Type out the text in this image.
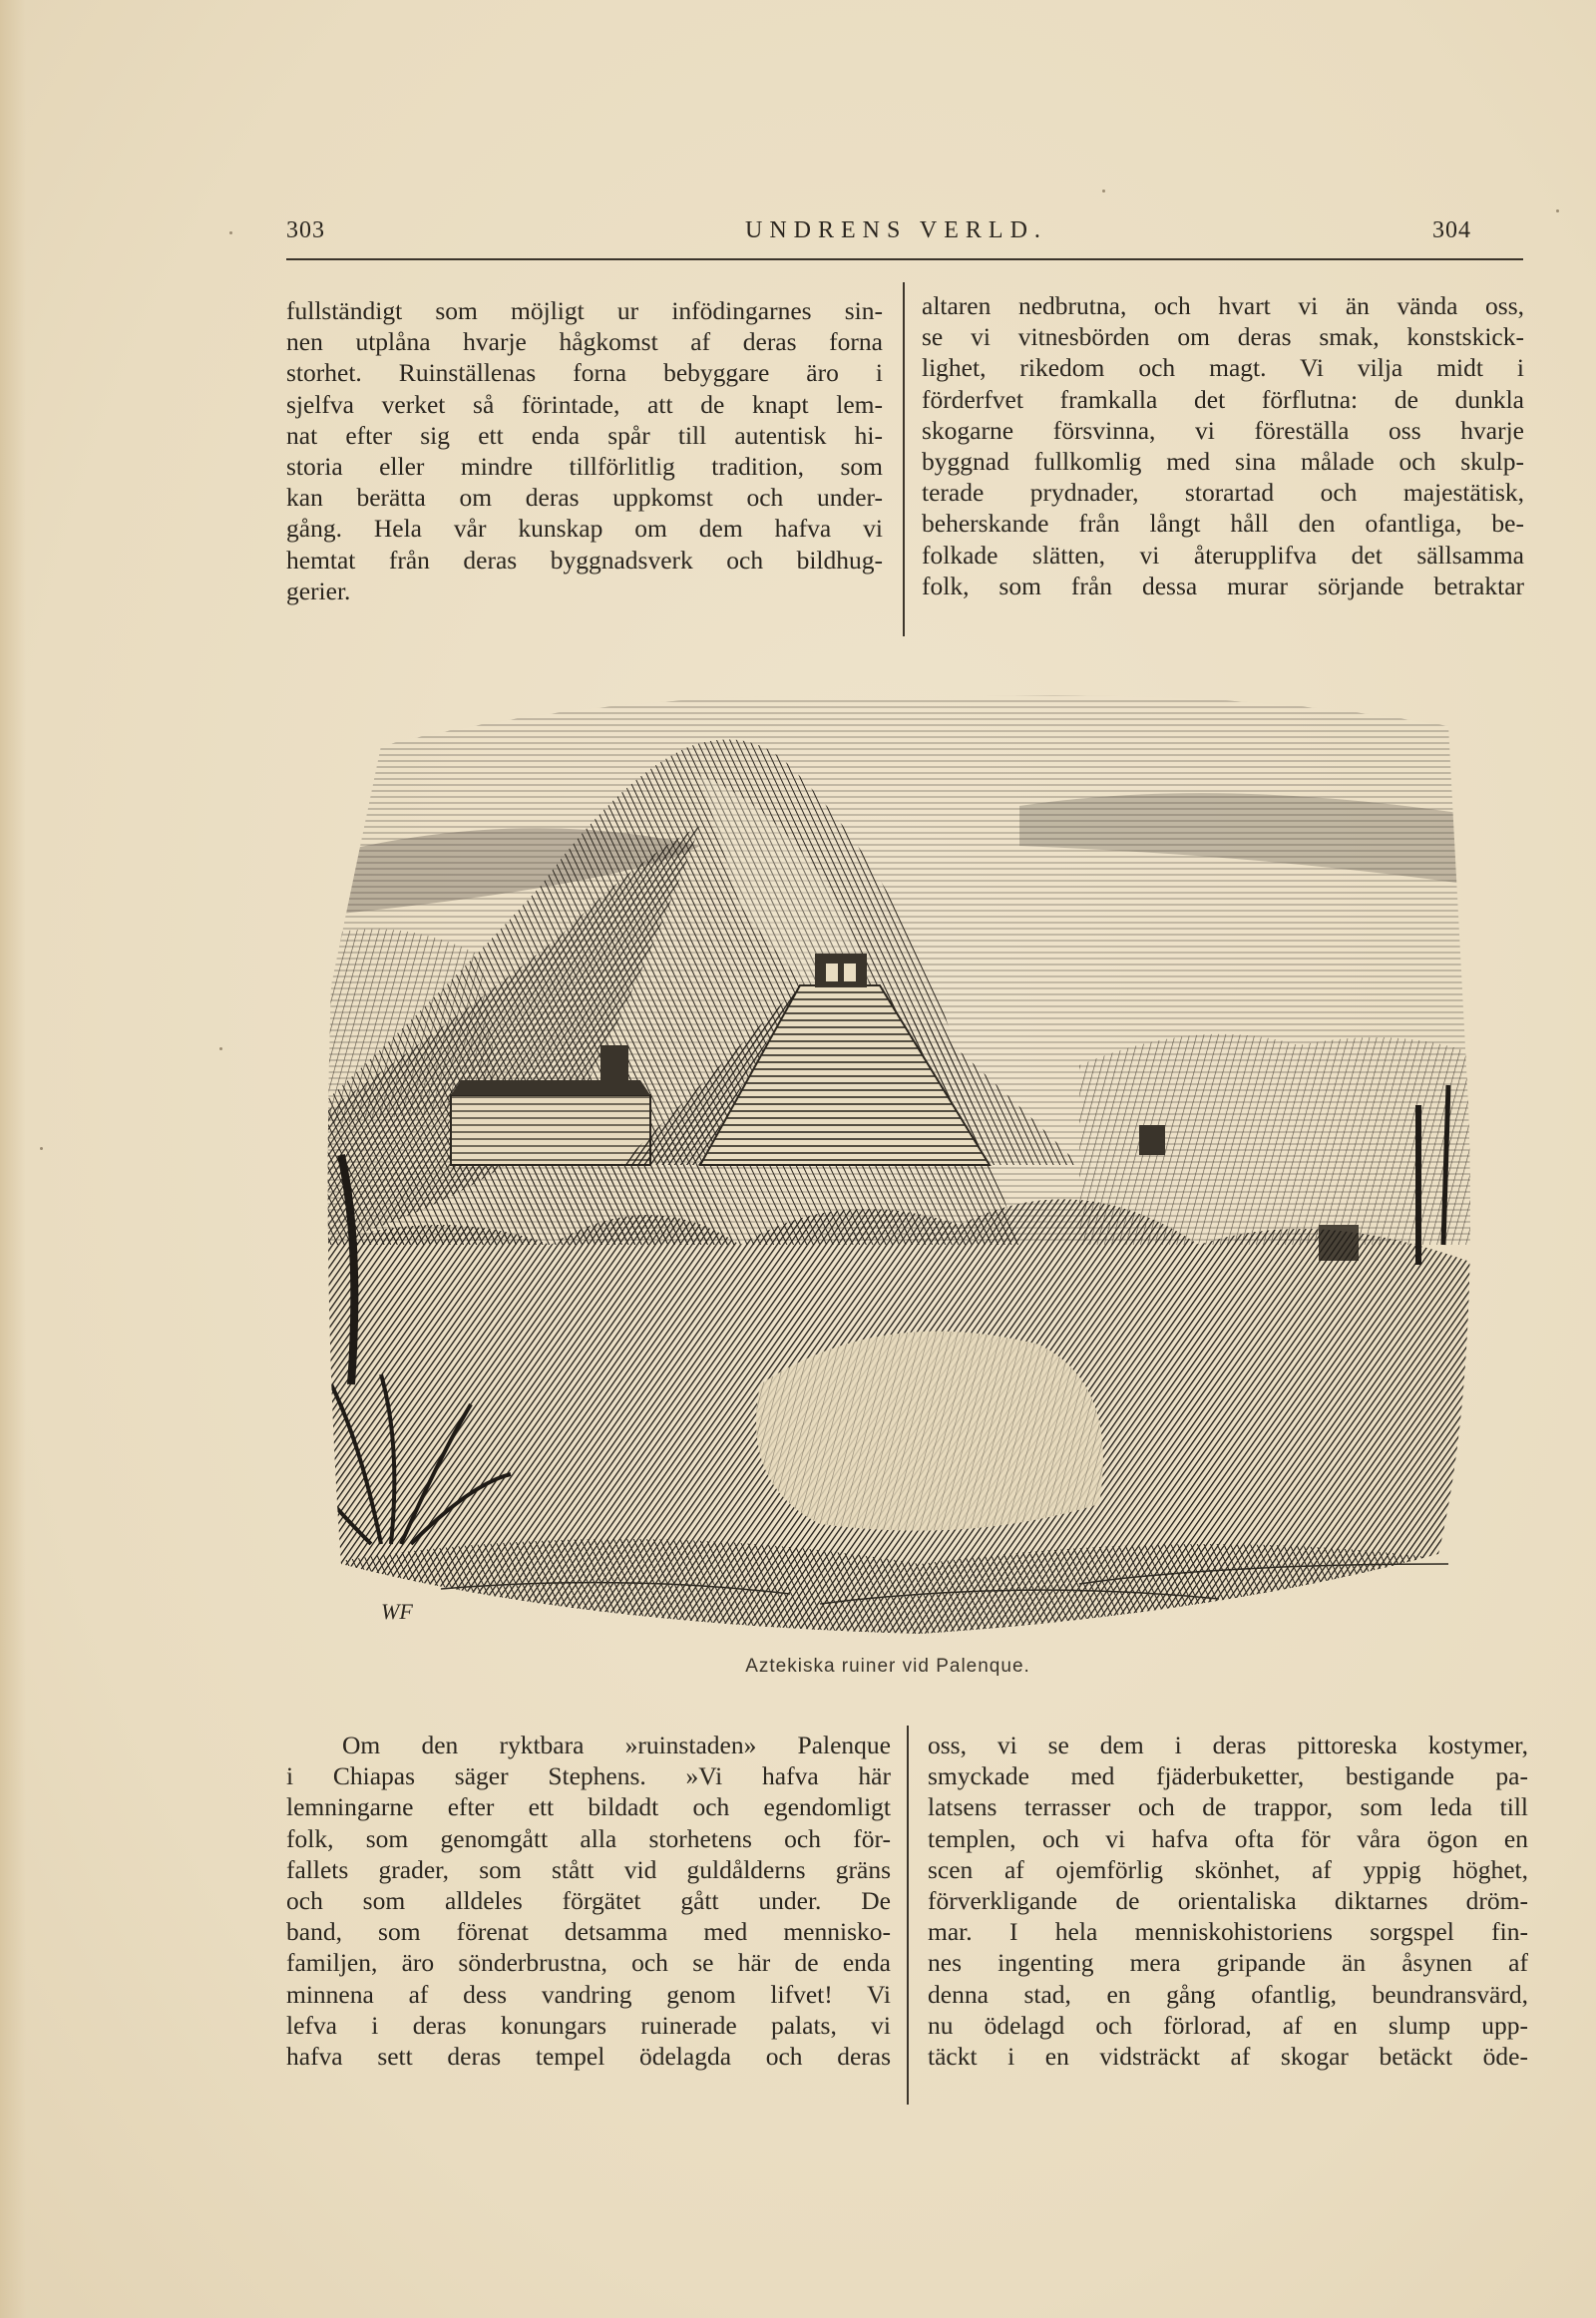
303	UNDRENS VERLD.	304
fullständigt som möjligt ur infödingarnes sin-
nen utplåna hvarje hågkomst af deras forna
storhet. Ruinställenas forna bebyggare äro i
sjelfva verket så förintade, att de knapt lem-
nat efter sig ett enda spår till autentisk hi-
storia eller mindre tillförlitlig tradition, som
kan berätta om deras uppkomst och under-
gång. Hela vår kunskap om dem hafva vi
hemtat från deras byggnadsverk och bildhug-
gerier.
altaren nedbrutna, och hvart vi än vända oss,
se vi vitnesbörden om deras smak, konstskick-
lighet, rikedom och magt. Vi vilja midt i
förderfvet framkalla det förflutna: de dunkla
skogarne försvinna, vi föreställa oss hvarje
byggnad fullkomlig med sina målade och skulp-
terade prydnader, storartad och majestätisk,
beherskande från långt håll den ofantliga, be-
folkade slätten, vi återupplifva det sällsamma
folk, som från dessa murar sörjande betraktar
WF
Aztekiska ruiner vid Palenque.
Om den ryktbara »ruinstaden» Palenque
i Chiapas säger Stephens. »Vi hafva här
lemningarne efter ett bildadt och egendomligt
folk, som genomgått alla storhetens och för-
fallets grader, som stått vid guldålderns gräns
och som alldeles förgätet gått under. De
band, som förenat detsamma med mennisko-
familjen, äro sönderbrustna, och se här de enda
minnena af dess vandring genom lifvet! Vi
lefva i deras konungars ruinerade palats, vi
hafva sett deras tempel ödelagda och deras
oss, vi se dem i deras pittoreska kostymer,
smyckade med fjäderbuketter, bestigande pa-
latsens terrasser och de trappor, som leda till
templen, och vi hafva ofta för våra ögon en
scen af ojemförlig skönhet, af yppig höghet,
förverkligande de orientaliska diktarnes dröm-
mar. I hela menniskohistoriens sorgspel fin-
nes ingenting mera gripande än åsynen af
denna stad, en gång ofantlig, beundransvärd,
nu ödelagd och förlorad, af en slump upp-
täckt i en vidsträckt af skogar betäckt öde-
